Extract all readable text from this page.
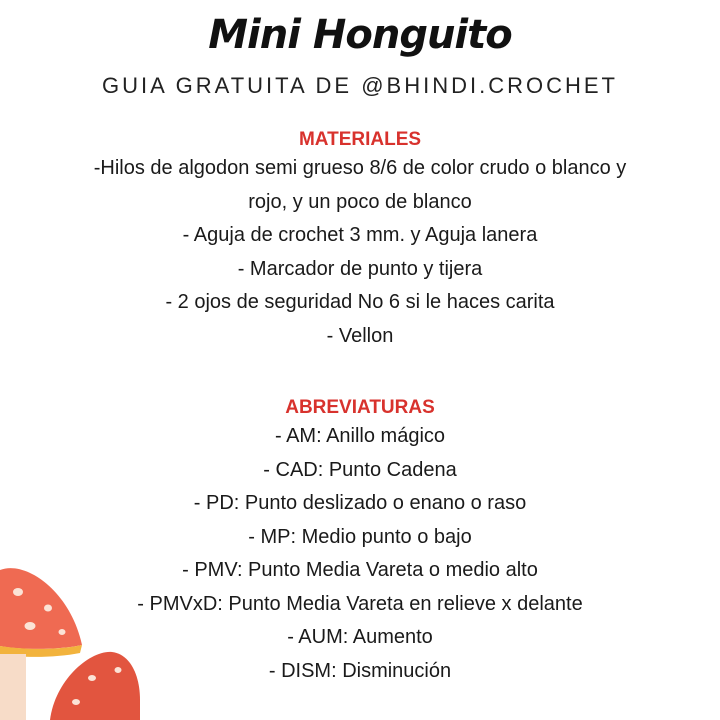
Mini Honguito
GUIA GRATUITA DE @BHINDI.CROCHET
MATERIALES
-Hilos de algodon semi grueso 8/6 de color crudo o blanco y
rojo, y un poco de blanco
- Aguja de crochet 3 mm. y Aguja lanera
- Marcador de punto y tijera
- 2 ojos de seguridad No 6 si le haces carita
- Vellon
ABREVIATURAS
- AM: Anillo mágico
- CAD: Punto Cadena
- PD: Punto deslizado o enano o raso
- MP: Medio punto o bajo
- PMV: Punto Media Vareta o medio alto
- PMVxD: Punto Media Vareta en relieve x delante
- AUM: Aumento
- DISM: Disminución
